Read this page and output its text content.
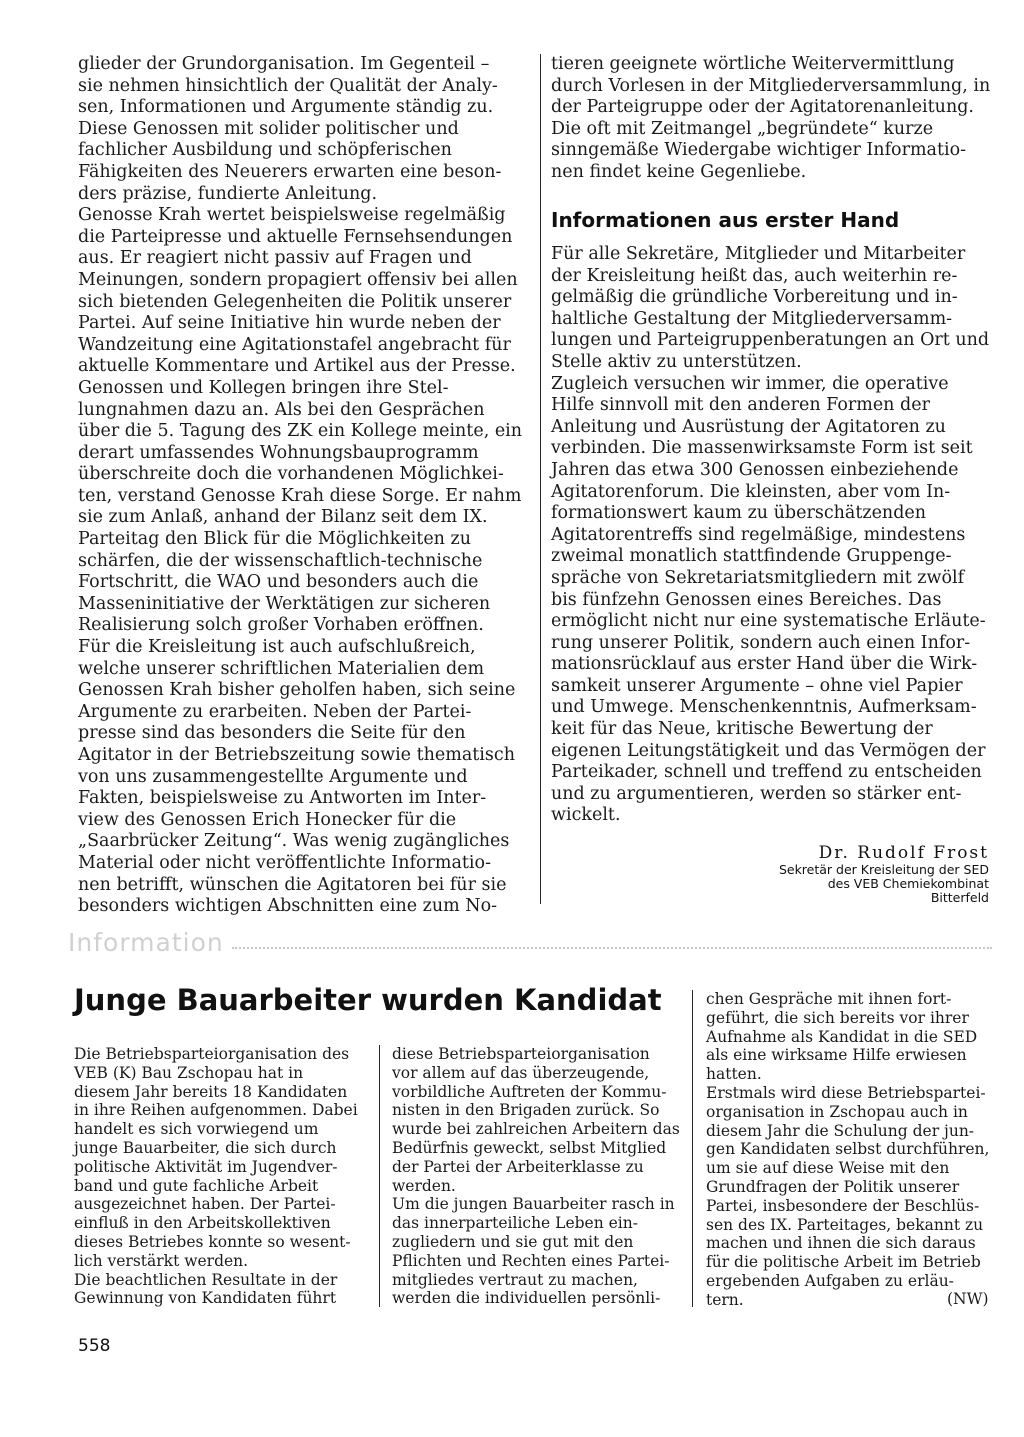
glieder der Grundorganisation. Im Gegenteil –
sie nehmen hinsichtlich der Qualität der Analy-
sen, Informationen und Argumente ständig zu.
Diese Genossen mit solider politischer und
fachlicher Ausbildung und schöpferischen
Fähigkeiten des Neuerers erwarten eine beson-
ders präzise, fundierte Anleitung.
Genosse Krah wertet beispielsweise regelmäßig
die Parteipresse und aktuelle Fernsehsendungen
aus. Er reagiert nicht passiv auf Fragen und
Meinungen, sondern propagiert offensiv bei allen
sich bietenden Gelegenheiten die Politik unserer
Partei. Auf seine Initiative hin wurde neben der
Wandzeitung eine Agitationstafel angebracht für
aktuelle Kommentare und Artikel aus der Presse.
Genossen und Kollegen bringen ihre Stel-
lungnahmen dazu an. Als bei den Gesprächen
über die 5. Tagung des ZK ein Kollege meinte, ein
derart umfassendes Wohnungsbauprogramm
überschreite doch die vorhandenen Möglichkei-
ten, verstand Genosse Krah diese Sorge. Er nahm
sie zum Anlaß, anhand der Bilanz seit dem IX.
Parteitag den Blick für die Möglichkeiten zu
schärfen, die der wissenschaftlich-technische
Fortschritt, die WAO und besonders auch die
Masseninitiative der Werktätigen zur sicheren
Realisierung solch großer Vorhaben eröffnen.
Für die Kreisleitung ist auch aufschlußreich,
welche unserer schriftlichen Materialien dem
Genossen Krah bisher geholfen haben, sich seine
Argumente zu erarbeiten. Neben der Partei-
presse sind das besonders die Seite für den
Agitator in der Betriebszeitung sowie thematisch
von uns zusammengestellte Argumente und
Fakten, beispielsweise zu Antworten im Inter-
view des Genossen Erich Honecker für die
„Saarbrücker Zeitung“. Was wenig zugängliches
Material oder nicht veröffentlichte Informatio-
nen betrifft, wünschen die Agitatoren bei für sie
besonders wichtigen Abschnitten eine zum No-

tieren geeignete wörtliche Weitervermittlung
durch Vorlesen in der Mitgliederversammlung, in
der Parteigruppe oder der Agitatorenanleitung.
Die oft mit Zeitmangel „begründete“ kurze
sinngemäße Wiedergabe wichtiger Informatio-
nen findet keine Gegenliebe.

Informationen aus erster Hand

Für alle Sekretäre, Mitglieder und Mitarbeiter
der Kreisleitung heißt das, auch weiterhin re-
gelmäßig die gründliche Vorbereitung und in-
haltliche Gestaltung der Mitgliederversamm-
lungen und Parteigruppenberatungen an Ort und
Stelle aktiv zu unterstützen.
Zugleich versuchen wir immer, die operative
Hilfe sinnvoll mit den anderen Formen der
Anleitung und Ausrüstung der Agitatoren zu
verbinden. Die massenwirksamste Form ist seit
Jahren das etwa 300 Genossen einbeziehende
Agitatorenforum. Die kleinsten, aber vom In-
formationswert kaum zu überschätzenden
Agitatorentreffs sind regelmäßige, mindestens
zweimal monatlich stattfindende Gruppenge-
spräche von Sekretariatsmitgliedern mit zwölf
bis fünfzehn Genossen eines Bereiches. Das
ermöglicht nicht nur eine systematische Erläute-
rung unserer Politik, sondern auch einen Infor-
mationsrücklauf aus erster Hand über die Wirk-
samkeit unserer Argumente – ohne viel Papier
und Umwege. Menschenkenntnis, Aufmerksam-
keit für das Neue, kritische Bewertung der
eigenen Leitungstätigkeit und das Vermögen der
Parteikader, schnell und treffend zu entscheiden
und zu argumentieren, werden so stärker ent-
wickelt.

Dr. Rudolf Frost

Sekretär der Kreisleitung der SED

des VEB Chemiekombinat

Bitterfeld

Information

Junge Bauarbeiter wurden Kandidat

Die Betriebsparteiorganisation des
VEB (K) Bau Zschopau hat in
diesem Jahr bereits 18 Kandidaten
in ihre Reihen aufgenommen. Dabei
handelt es sich vorwiegend um
junge Bauarbeiter, die sich durch
politische Aktivität im Jugendver-
band und gute fachliche Arbeit
ausgezeichnet haben. Der Partei-
einfluß in den Arbeitskollektiven
dieses Betriebes konnte so wesent-
lich verstärkt werden.
Die beachtlichen Resultate in der
Gewinnung von Kandidaten führt

diese Betriebsparteiorganisation
vor allem auf das überzeugende,
vorbildliche Auftreten der Kommu-
nisten in den Brigaden zurück. So
wurde bei zahlreichen Arbeitern das
Bedürfnis geweckt, selbst Mitglied
der Partei der Arbeiterklasse zu
werden.
Um die jungen Bauarbeiter rasch in
das innerparteiliche Leben ein-
zugliedern und sie gut mit den
Pflichten und Rechten eines Partei-
mitgliedes vertraut zu machen,
werden die individuellen persönli-

chen Gespräche mit ihnen fort-
geführt, die sich bereits vor ihrer
Aufnahme als Kandidat in die SED
als eine wirksame Hilfe erwiesen
hatten.
Erstmals wird diese Betriebspartei-
organisation in Zschopau auch in
diesem Jahr die Schulung der jun-
gen Kandidaten selbst durchführen,
um sie auf diese Weise mit den
Grundfragen der Politik unserer
Partei, insbesondere der Beschlüs-
sen des IX. Parteitages, bekannt zu
machen und ihnen die sich daraus
für die politische Arbeit im Betrieb
ergebenden Aufgaben zu erläu-
tern.	(NW)

558
